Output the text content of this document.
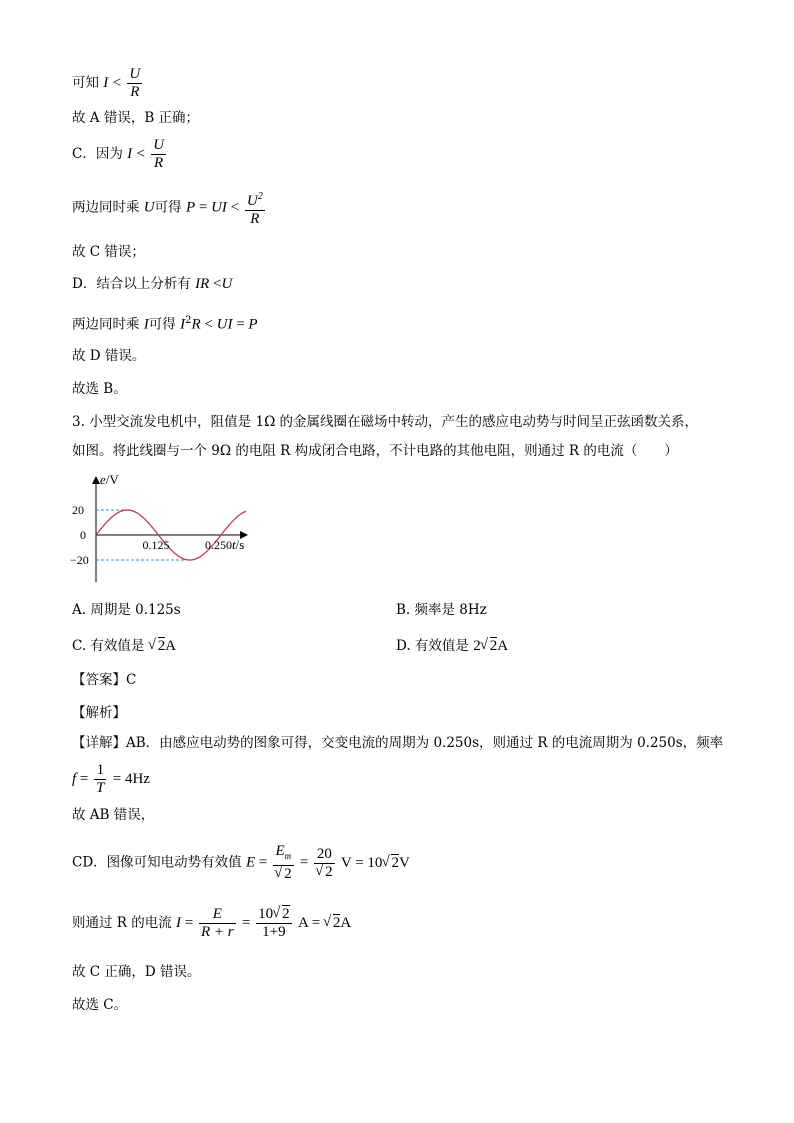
可知 $I < \frac{U}{R}$
故 A 错误，B 正确；
C．因为 $I < \frac{U}{R}$
两边同时乘 U可得 P = UI < $\frac{U^2}{R}$
故 C 错误；
D．结合以上分析有 IR <U
两边同时乘 I可得 $I^2R$ < UI = P
故 D 错误。
故选 B。
3. 小型交流发电机中，阻值是 1Ω 的金属线圈在磁场中转动，产生的感应电动势与时间呈正弦函数关系，
如图。将此线圈与一个 9Ω 的电阻 R 构成闭合电路，不计电路的其他电阻，则通过 R 的电流（　　）
e/V
t/s
20
0
−20
0.125	0.250
A. 周期是 0.125s	B. 频率是 8Hz
C. 有效值是 √ 2A	D. 有效值是 2 √ 2A
【答案】C
【解析】
【详解】AB．由感应电动势的图象可得，交变电流的周期为 0.250s，则通过 R 的电流周期为 0.250s，频率
$f = \frac{1}{T} = 4Hz$
故 AB 错误，
CD．图像可知电动势有效值 $E = E_m$
√ 2 = 20
√ 2 V = 10 √ 2V
则通过 R 的电流 $I = \frac{E}{R + r} = \frac{10 √ 2}{1+9}$ A = √ 2A
故 C 正确，D 错误。
故选 C。
